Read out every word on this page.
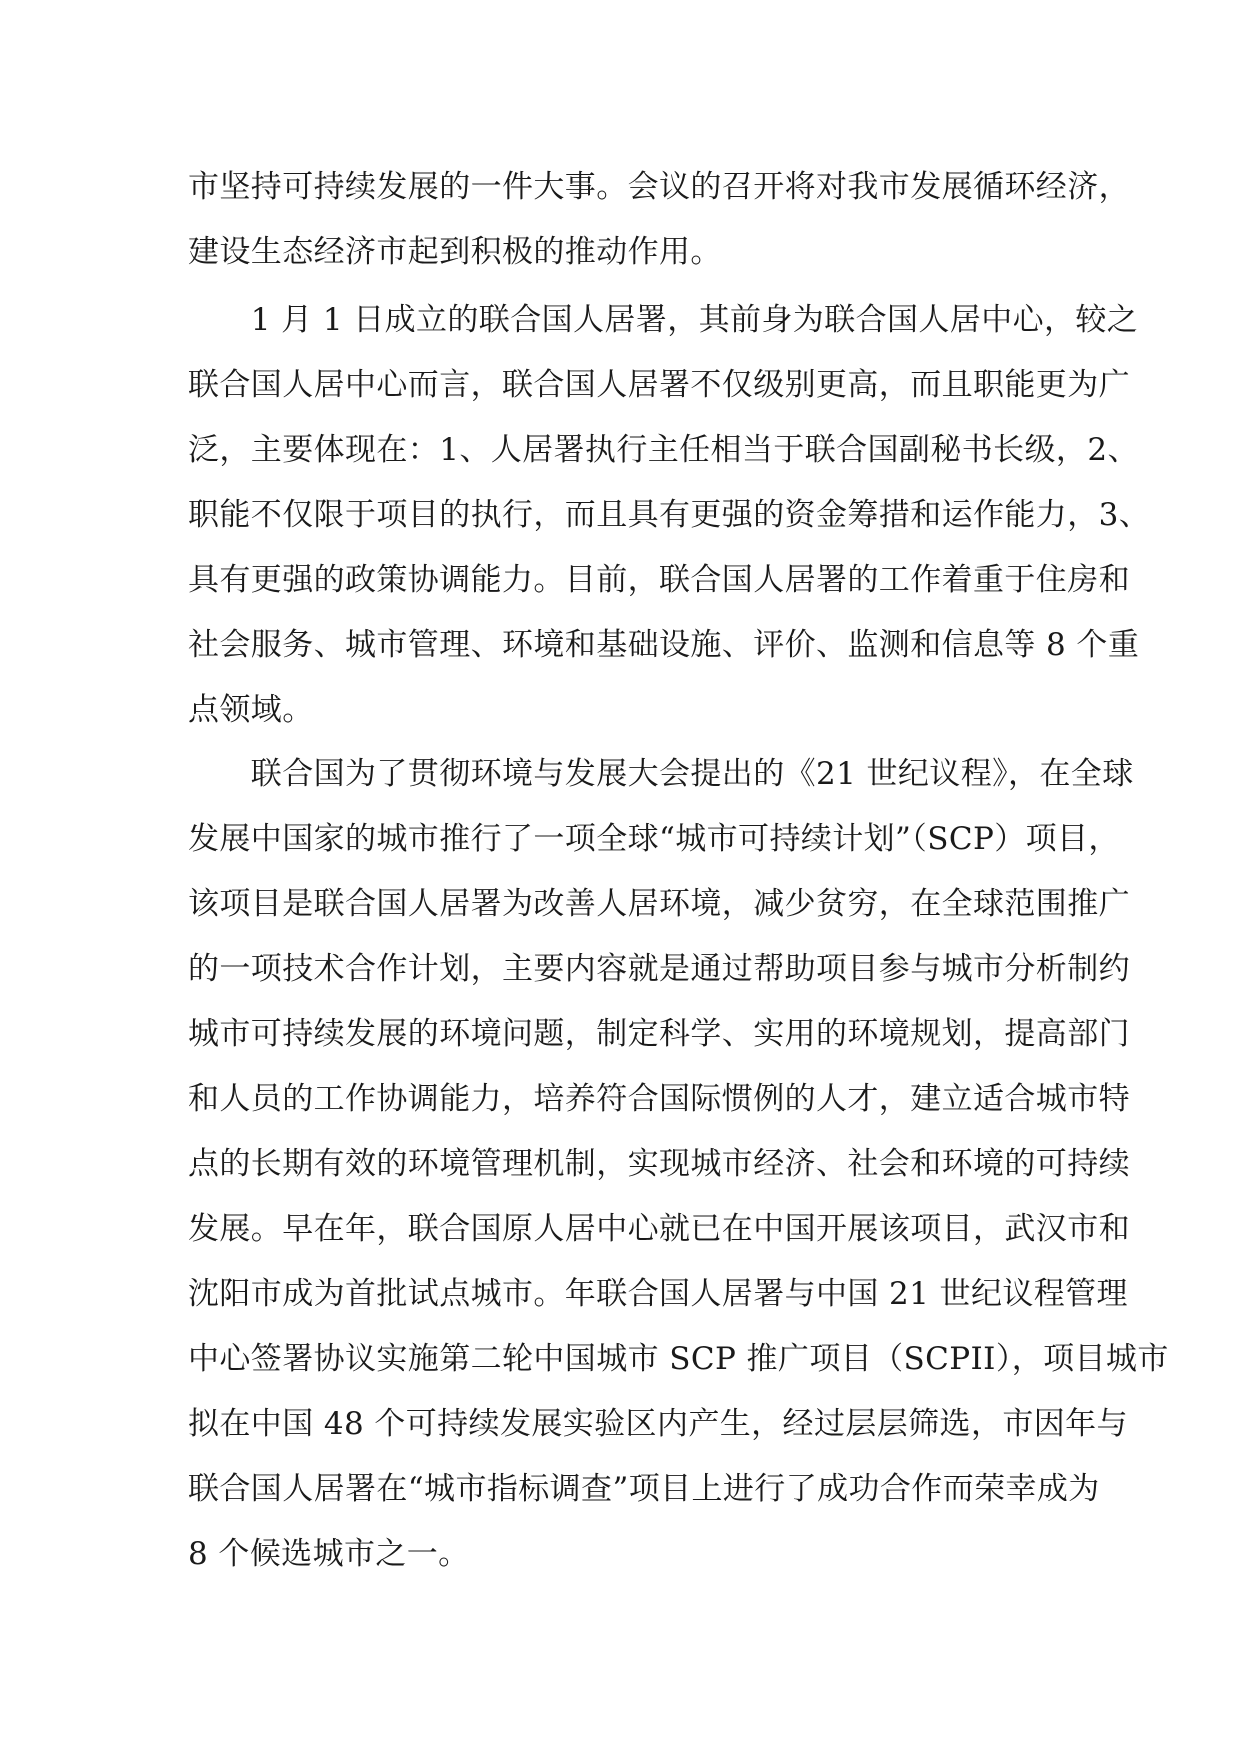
市坚持可持续发展的一件大事。会议的召开将对我市发展循环经济，
建设生态经济市起到积极的推动作用。
　　1 月 1 日成立的联合国人居署，其前身为联合国人居中心，较之
联合国人居中心而言，联合国人居署不仅级别更高，而且职能更为广
泛，主要体现在：1、人居署执行主任相当于联合国副秘书长级，2、
职能不仅限于项目的执行，而且具有更强的资金筹措和运作能力，3、
具有更强的政策协调能力。目前，联合国人居署的工作着重于住房和
社会服务、城市管理、环境和基础设施、评价、监测和信息等 8 个重
点领域。
　　联合国为了贯彻环境与发展大会提出的《21 世纪议程》，在全球
发展中国家的城市推行了一项全球“城市可持续计划”（SCP）项目，
该项目是联合国人居署为改善人居环境，减少贫穷，在全球范围推广
的一项技术合作计划，主要内容就是通过帮助项目参与城市分析制约
城市可持续发展的环境问题，制定科学、实用的环境规划，提高部门
和人员的工作协调能力，培养符合国际惯例的人才，建立适合城市特
点的长期有效的环境管理机制，实现城市经济、社会和环境的可持续
发展。早在年，联合国原人居中心就已在中国开展该项目，武汉市和
沈阳市成为首批试点城市。年联合国人居署与中国 21 世纪议程管理
中心签署协议实施第二轮中国城市 SCP 推广项目（SCPII），项目城市
拟在中国 48 个可持续发展实验区内产生，经过层层筛选，市因年与
联合国人居署在“城市指标调查”项目上进行了成功合作而荣幸成为
8 个候选城市之一。
